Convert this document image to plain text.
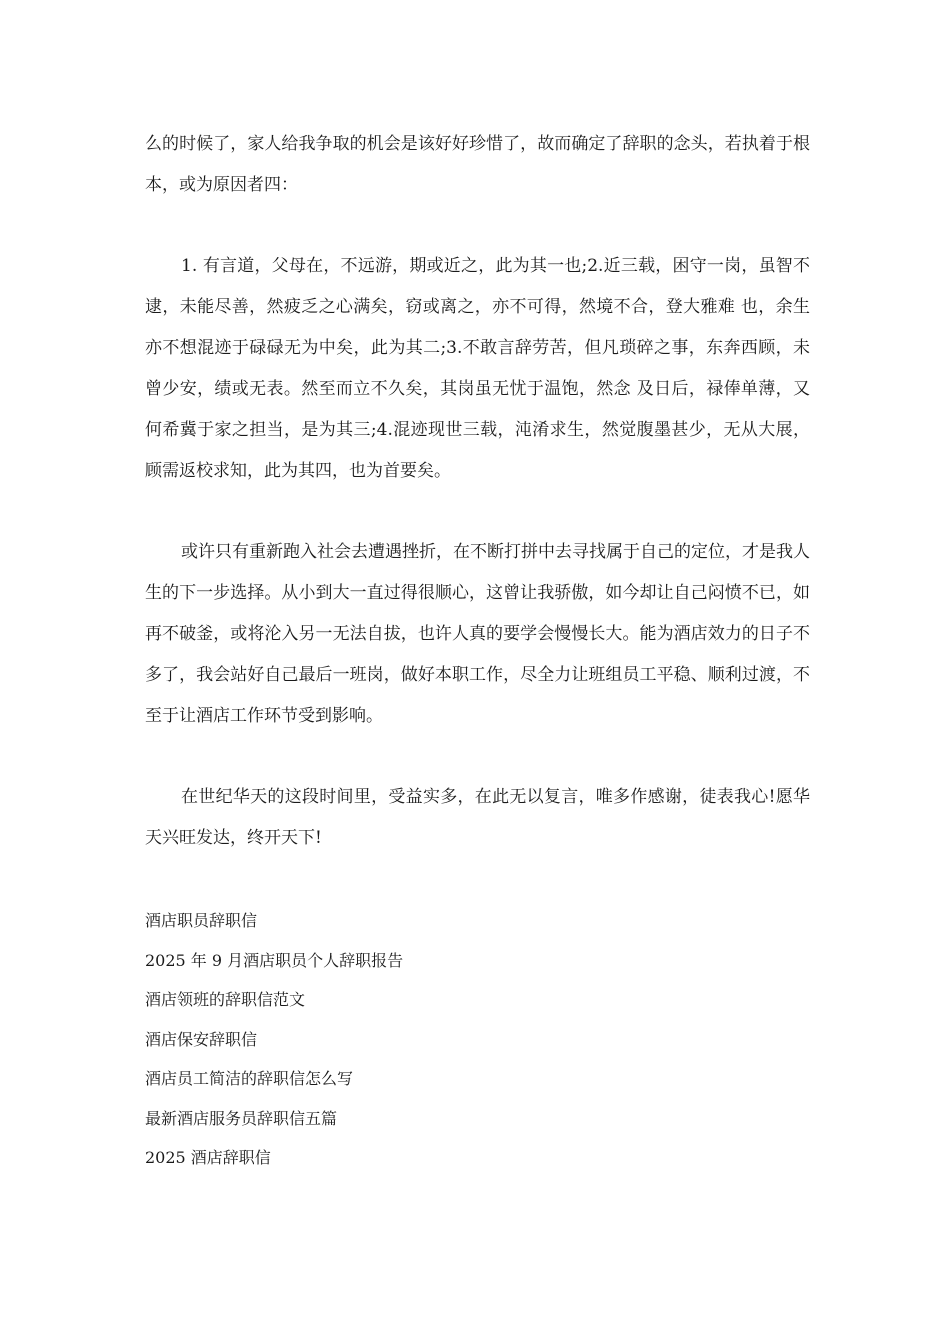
么的时候了，家人给我争取的机会是该好好珍惜了，故而确定了辞职的念头，若执着于根本，或为原因者四：

1. 有言道，父母在，不远游，期或近之，此为其一也;2.近三载，困守一岗，虽智不逮，未能尽善，然疲乏之心满矣，窃或离之，亦不可得，然境不合，登大雅难 也，余生亦不想混迹于碌碌无为中矣，此为其二;3.不敢言辞劳苦，但凡琐碎之事，东奔西顾，未曾少安，绩或无表。然至而立不久矣，其岗虽无忧于温饱，然念 及日后，禄俸单薄，又何希冀于家之担当，是为其三;4.混迹现世三载，沌淆求生，然觉腹墨甚少，无从大展，顾需返校求知，此为其四，也为首要矣。

或许只有重新跑入社会去遭遇挫折，在不断打拼中去寻找属于自己的定位，才是我人生的下一步选择。从小到大一直过得很顺心，这曾让我骄傲，如今却让自己闷愤不已，如 再不破釜，或将沦入另一无法自拔，也许人真的要学会慢慢长大。能为酒店效力的日子不多了，我会站好自己最后一班岗，做好本职工作，尽全力让班组员工平稳、顺利过渡，不至于让酒店工作环节受到影响。

在世纪华天的这段时间里，受益实多，在此无以复言，唯多作感谢，徒表我心!愿华天兴旺发达，终开天下!

酒店职员辞职信
2025 年 9 月酒店职员个人辞职报告
酒店领班的辞职信范文
酒店保安辞职信
酒店员工简洁的辞职信怎么写
最新酒店服务员辞职信五篇
2025 酒店辞职信
